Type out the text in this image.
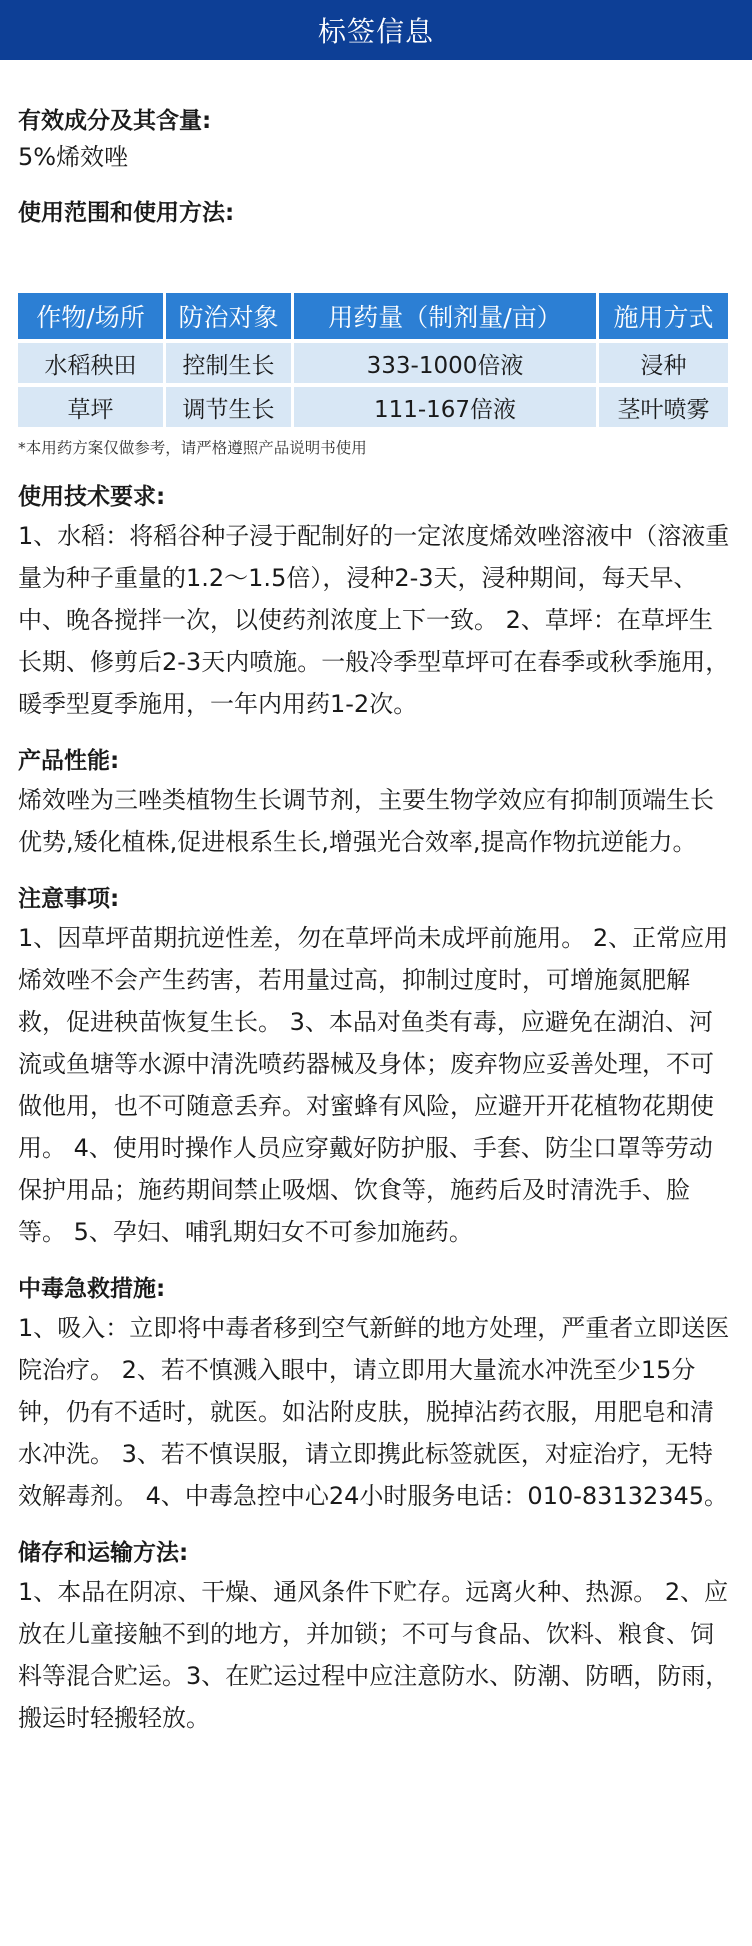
标签信息

有效成分及其含量:

5%烯效唑

使用范围和使用方法:

作物/场所	防治对象	用药量（制剂量/亩）	施用方式
水稻秧田	控制生长	333-1000倍液	浸种
草坪	调节生长	111-167倍液	茎叶喷雾

*本用药方案仅做参考，请严格遵照产品说明书使用

使用技术要求:

1、水稻：将稻谷种子浸于配制好的一定浓度烯效唑溶液中（溶液重量为种子重量的1.2～1.5倍），浸种2-3天，浸种期间，每天早、中、晚各搅拌一次，以使药剂浓度上下一致。 2、草坪：在草坪生长期、修剪后2-3天内喷施。一般冷季型草坪可在春季或秋季施用，暖季型夏季施用，一年内用药1-2次。

产品性能:

烯效唑为三唑类植物生长调节剂，主要生物学效应有抑制顶端生长优势,矮化植株,促进根系生长,增强光合效率,提高作物抗逆能力。

注意事项:

1、因草坪苗期抗逆性差，勿在草坪尚未成坪前施用。 2、正常应用烯效唑不会产生药害，若用量过高，抑制过度时，可增施氮肥解救，促进秧苗恢复生长。 3、本品对鱼类有毒，应避免在湖泊、河流或鱼塘等水源中清洗喷药器械及身体；废弃物应妥善处理，不可做他用，也不可随意丢弃。对蜜蜂有风险，应避开开花植物花期使用。 4、使用时操作人员应穿戴好防护服、手套、防尘口罩等劳动保护用品；施药期间禁止吸烟、饮食等，施药后及时清洗手、脸等。 5、孕妇、哺乳期妇女不可参加施药。

中毒急救措施:

1、吸入：立即将中毒者移到空气新鲜的地方处理，严重者立即送医院治疗。 2、若不慎溅入眼中，请立即用大量流水冲洗至少15分钟，仍有不适时，就医。如沾附皮肤，脱掉沾药衣服，用肥皂和清水冲洗。 3、若不慎误服，请立即携此标签就医，对症治疗，无特效解毒剂。 4、中毒急控中心24小时服务电话：010-83132345。

储存和运输方法:

1、本品在阴凉、干燥、通风条件下贮存。远离火种、热源。 2、应放在儿童接触不到的地方，并加锁；不可与食品、饮料、粮食、饲料等混合贮运。3、在贮运过程中应注意防水、防潮、防晒，防雨，搬运时轻搬轻放。
